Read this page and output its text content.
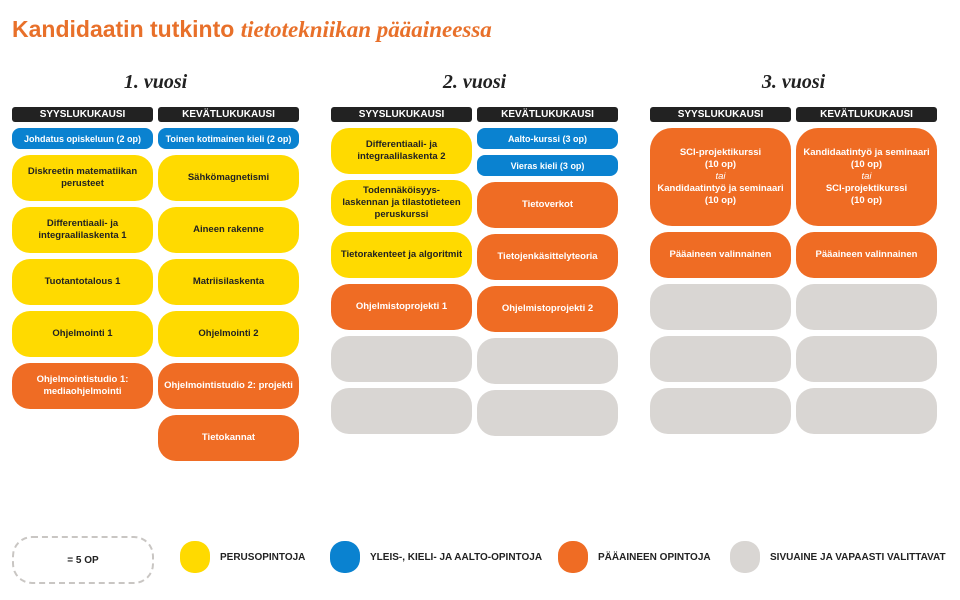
Kandidaatin tutkinto tietotekniikan pääaineessa
1. vuosi
SYYSLUKUKAUSI
Johdatus opiskeluun (2 op)
Diskreetin matematiikan
perusteet
Differentiaali- ja
integraalilaskenta 1
Tuotantotalous 1
Ohjelmointi 1
Ohjelmointistudio 1:
mediaohjelmointi
KEVÄTLUKUKAUSI
Toinen kotimainen kieli (2 op)
Sähkömagnetismi
Aineen rakenne
Matriisilaskenta
Ohjelmointi 2
Ohjelmointistudio 2: projekti
Tietokannat
2. vuosi
SYYSLUKUKAUSI
Differentiaali- ja
integraalilaskenta 2
Todennäköisyys-
laskennan ja tilastotieteen
peruskurssi
Tietorakenteet ja algoritmit
Ohjelmistoprojekti 1
KEVÄTLUKUKAUSI
Aalto-kurssi (3 op)
Vieras kieli (3 op)
Tietoverkot
Tietojenkäsittelyteoria
Ohjelmistoprojekti 2
3. vuosi
SYYSLUKUKAUSI
SCI-projektikurssi
(10 op)
tai
Kandidaatintyö ja seminaari
(10 op)
Pääaineen valinnainen
KEVÄTLUKUKAUSI
Kandidaatintyö ja seminaari
(10 op)
tai
SCI-projektikurssi
(10 op)
Pääaineen valinnainen
= 5 OP	PERUSOPINTOJA	YLEIS-, KIELI- JA AALTO-OPINTOJA	PÄÄAINEEN OPINTOJA	SIVUAINE JA VAPAASTI VALITTAVAT
